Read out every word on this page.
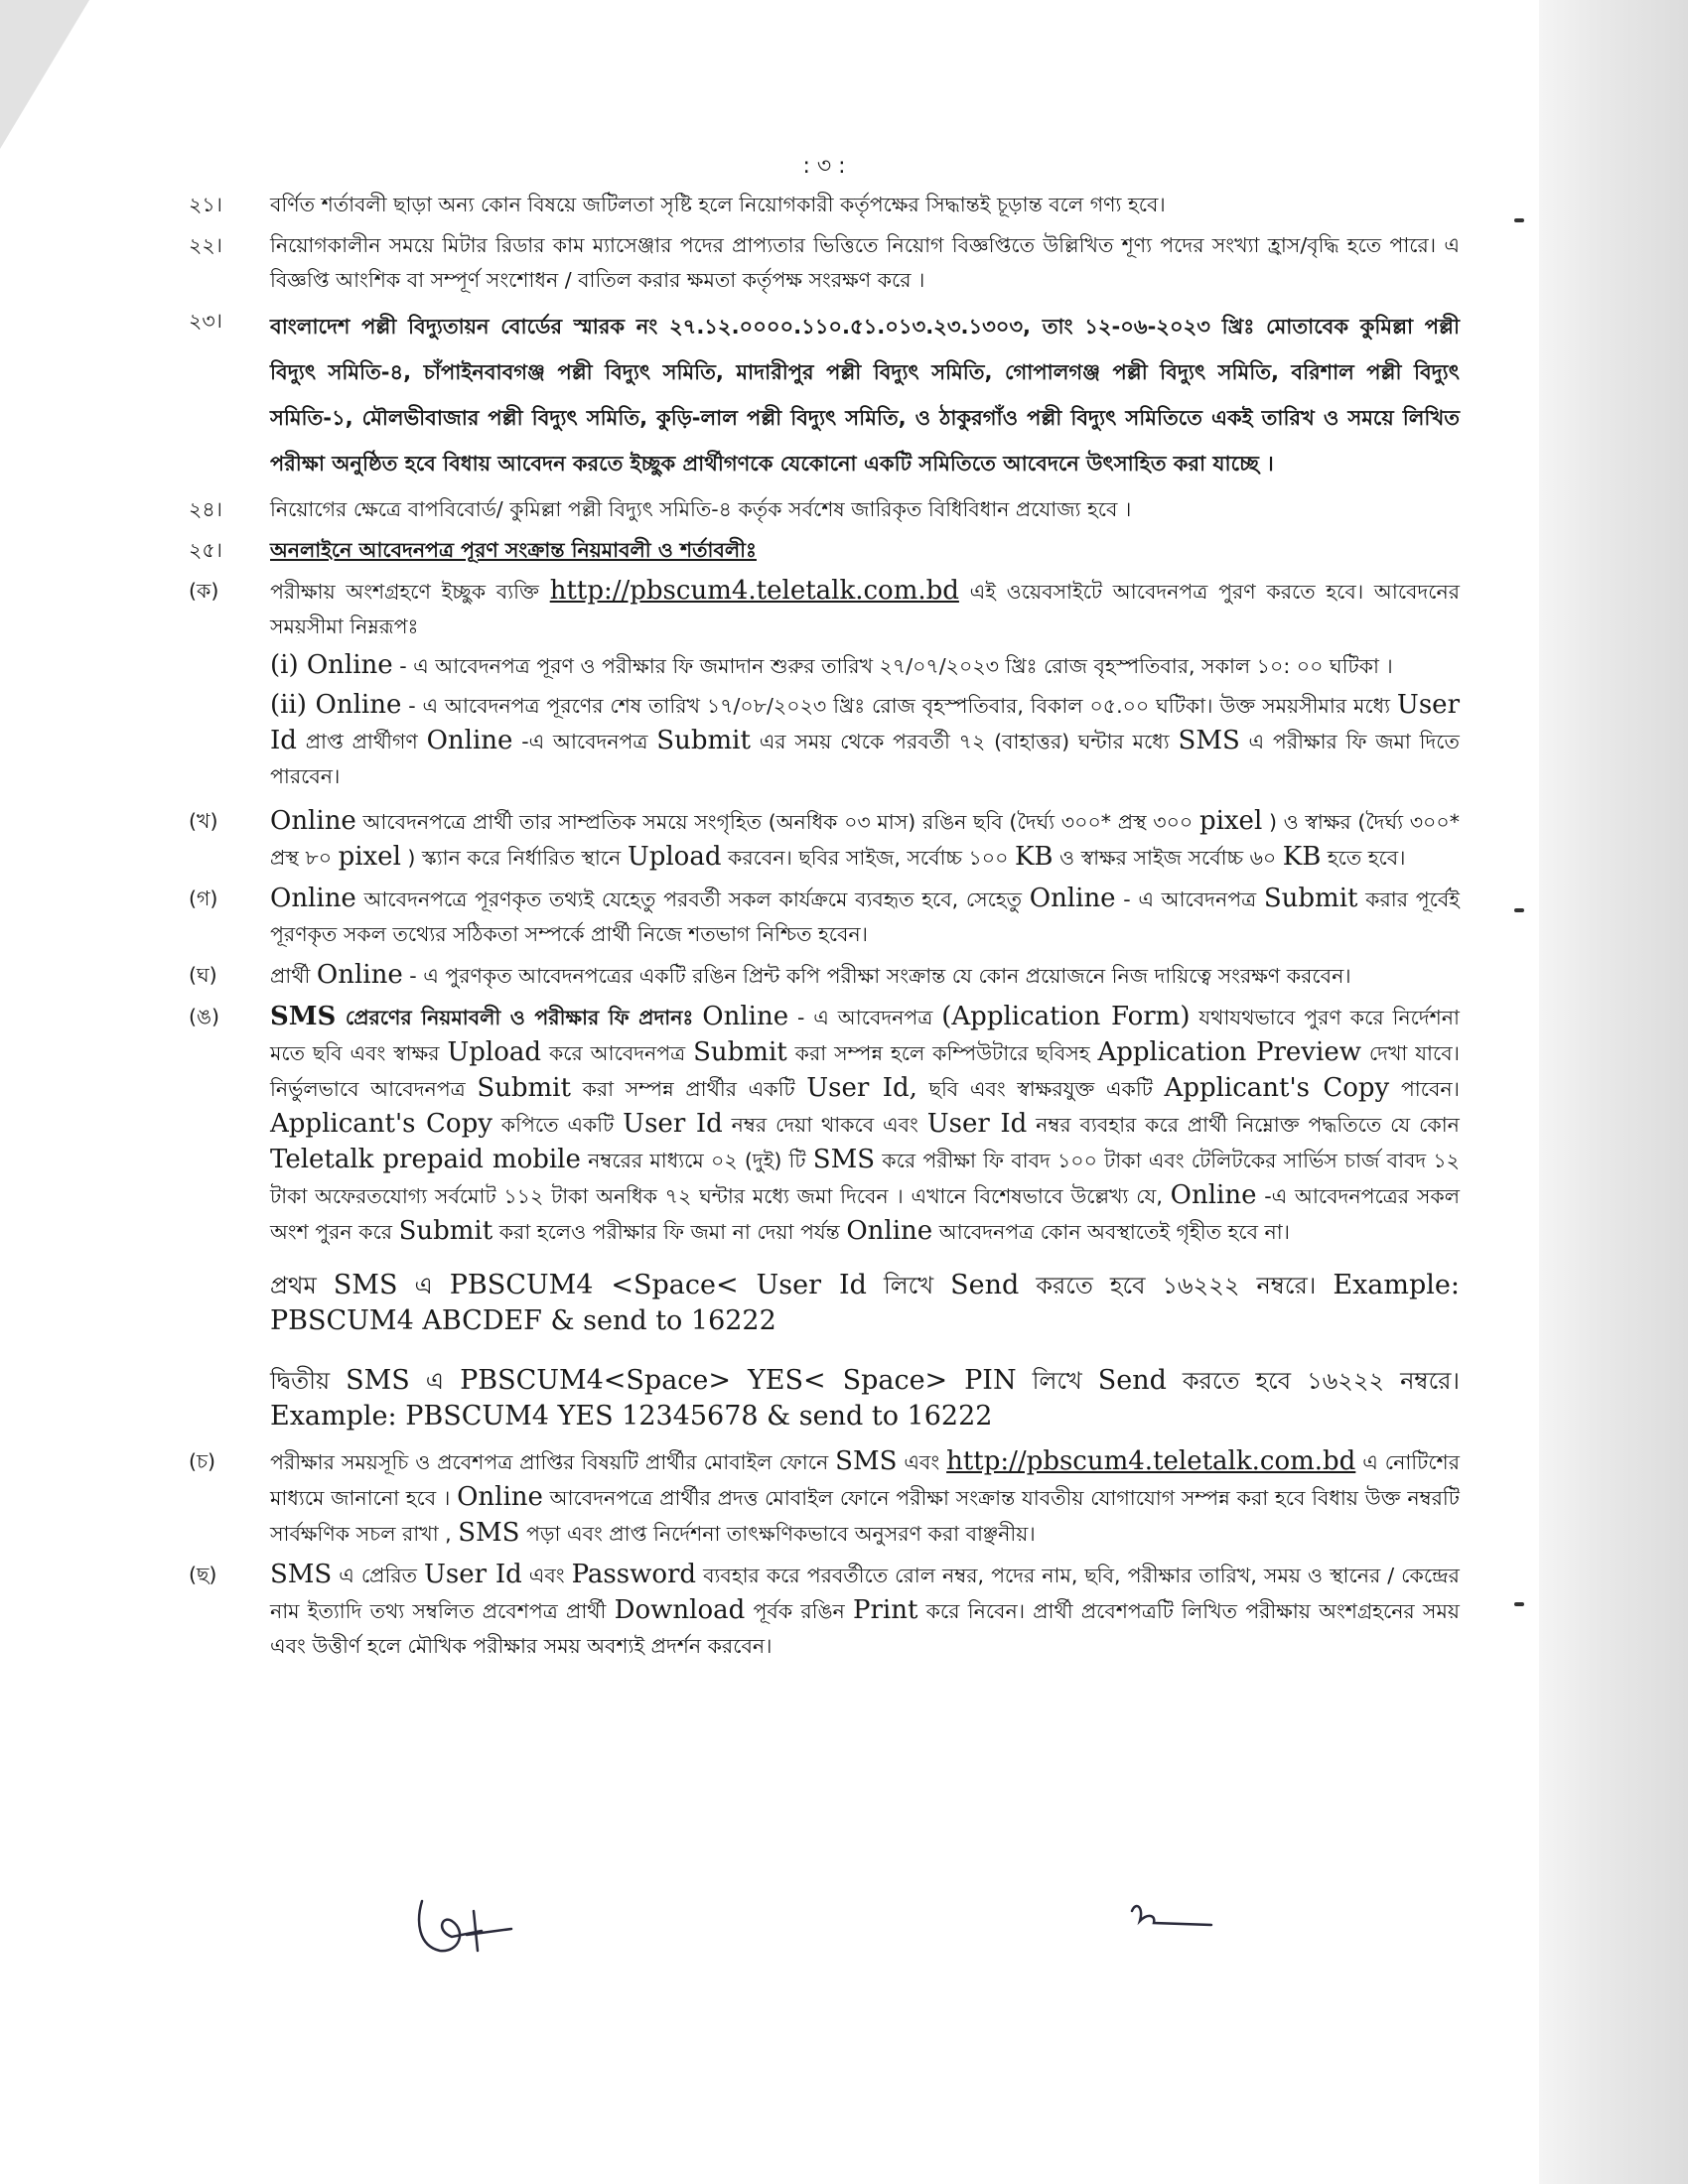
: ৩ :
২১।	বর্ণিত শর্তাবলী ছাড়া অন্য কোন বিষয়ে জটিলতা সৃষ্টি হলে নিয়োগকারী কর্তৃপক্ষের সিদ্ধান্তই চূড়ান্ত বলে গণ্য হবে।
২২।	নিয়োগকালীন সময়ে মিটার রিডার কাম ম্যাসেঞ্জার পদের প্রাপ্যতার ভিত্তিতে নিয়োগ বিজ্ঞপ্তিতে উল্লিখিত শূণ্য পদের সংখ্যা হ্রাস/বৃদ্ধি হতে পারে। এ বিজ্ঞপ্তি আংশিক বা সম্পূর্ণ সংশোধন / বাতিল করার ক্ষমতা কর্তৃপক্ষ সংরক্ষণ করে ।
২৩।	বাংলাদেশ পল্লী বিদ্যুতায়ন বোর্ডের স্মারক নং ২৭.১২.০০০০.১১০.৫১.০১৩.২৩.১৩০৩, তাং ১২-০৬-২০২৩ খ্রিঃ মোতাবেক কুমিল্লা পল্লী বিদ্যুৎ সমিতি-৪, চাঁপাইনবাবগঞ্জ পল্লী বিদ্যুৎ সমিতি, মাদারীপুর পল্লী বিদ্যুৎ সমিতি, গোপালগঞ্জ পল্লী বিদ্যুৎ সমিতি, বরিশাল পল্লী বিদ্যুৎ সমিতি-১, মৌলভীবাজার পল্লী বিদ্যুৎ সমিতি, কুড়ি-লাল পল্লী বিদ্যুৎ সমিতি, ও ঠাকুরগাঁও পল্লী বিদ্যুৎ সমিতিতে একই তারিখ ও সময়ে লিখিত পরীক্ষা অনুষ্ঠিত হবে বিধায় আবেদন করতে ইচ্ছুক প্রার্থীগণকে যেকোনো একটি সমিতিতে আবেদনে উৎসাহিত করা যাচ্ছে ।
২৪।	নিয়োগের ক্ষেত্রে বাপবিবোর্ড/ কুমিল্লা পল্লী বিদ্যুৎ সমিতি-৪ কর্তৃক সর্বশেষ জারিকৃত বিধিবিধান প্রযোজ্য হবে ।
২৫।	অনলাইনে আবেদনপত্র পূরণ সংক্রান্ত নিয়মাবলী ও শর্তাবলীঃ
(ক)	পরীক্ষায় অংশগ্রহণে ইচ্ছুক ব্যক্তি http://pbscum4.teletalk.com.bd এই ওয়েবসাইটে আবেদনপত্র পুরণ করতে হবে। আবেদনের সময়সীমা নিম্নরূপঃ
(i) Online - এ আবেদনপত্র পূরণ ও পরীক্ষার ফি জমাদান শুরুর তারিখ ২৭/০৭/২০২৩ খ্রিঃ রোজ বৃহস্পতিবার, সকাল ১০: ০০ ঘটিকা ।
(ii) Online - এ আবেদনপত্র পূরণের শেষ তারিখ ১৭/০৮/২০২৩ খ্রিঃ রোজ বৃহস্পতিবার, বিকাল ০৫.০০ ঘটিকা। উক্ত সময়সীমার মধ্যে User Id প্রাপ্ত প্রার্থীগণ Online -এ আবেদনপত্র Submit এর সময় থেকে পরবর্তী ৭২ (বাহাত্তর) ঘন্টার মধ্যে SMS এ পরীক্ষার ফি জমা দিতে পারবেন।
(খ)	Online আবেদনপত্রে প্রার্থী তার সাম্প্রতিক সময়ে সংগৃহিত (অনধিক ০৩ মাস) রঙিন ছবি (দৈর্ঘ্য ৩০০* প্রস্থ ৩০০ pixel ) ও স্বাক্ষর (দৈর্ঘ্য ৩০০* প্রস্থ ৮০ pixel ) স্ক্যান করে নির্ধারিত স্থানে Upload করবেন। ছবির সাইজ, সর্বোচ্চ ১০০ KB ও স্বাক্ষর সাইজ সর্বোচ্চ ৬০ KB হতে হবে।
(গ)	Online আবেদনপত্রে পূরণকৃত তথ্যই যেহেতু পরবর্তী সকল কার্যক্রমে ব্যবহৃত হবে, সেহেতু Online - এ আবেদনপত্র Submit করার পূর্বেই পূরণকৃত সকল তথ্যের সঠিকতা সম্পর্কে প্রার্থী নিজে শতভাগ নিশ্চিত হবেন।
(ঘ)	প্রার্থী Online - এ পুরণকৃত আবেদনপত্রের একটি রঙিন প্রিন্ট কপি পরীক্ষা সংক্রান্ত যে কোন প্রয়োজনে নিজ দায়িত্বে সংরক্ষণ করবেন।
(ঙ)	SMS প্রেরণের নিয়মাবলী ও পরীক্ষার ফি প্রদানঃ Online - এ আবেদনপত্র (Application Form) যথাযথভাবে পুরণ করে নির্দেশনা মতে ছবি এবং স্বাক্ষর Upload করে আবেদনপত্র Submit করা সম্পন্ন হলে কম্পিউটারে ছবিসহ Application Preview দেখা যাবে। নির্ভুলভাবে আবেদনপত্র Submit করা সম্পন্ন প্রার্থীর একটি User Id, ছবি এবং স্বাক্ষরযুক্ত একটি Applicant's Copy পাবেন। Applicant's Copy কপিতে একটি User Id নম্বর দেয়া থাকবে এবং User Id নম্বর ব্যবহার করে প্রার্থী নিম্নোক্ত পদ্ধতিতে যে কোন Teletalk prepaid mobile নম্বরের মাধ্যমে ০২ (দুই) টি SMS করে পরীক্ষা ফি বাবদ ১০০ টাকা এবং টেলিটকের সার্ভিস চার্জ বাবদ ১২ টাকা অফেরতযোগ্য সর্বমোট ১১২ টাকা অনধিক ৭২ ঘন্টার মধ্যে জমা দিবেন । এখানে বিশেষভাবে উল্লেখ্য যে, Online -এ আবেদনপত্রের সকল অংশ পুরন করে Submit করা হলেও পরীক্ষার ফি জমা না দেয়া পর্যন্ত Online আবেদনপত্র কোন অবস্থাতেই গৃহীত হবে না।
প্রথম SMS এ PBSCUM4 <Space< User Id লিখে Send করতে হবে ১৬২২২ নম্বরে। Example: PBSCUM4 ABCDEF & send to 16222
দ্বিতীয় SMS এ PBSCUM4<Space> YES< Space> PIN লিখে Send করতে হবে ১৬২২২ নম্বরে। Example: PBSCUM4 YES 12345678 & send to 16222
(চ)	পরীক্ষার সময়সূচি ও প্রবেশপত্র প্রাপ্তির বিষয়টি প্রার্থীর মোবাইল ফোনে SMS এবং http://pbscum4.teletalk.com.bd এ নোটিশের মাধ্যমে জানানো হবে । Online আবেদনপত্রে প্রার্থীর প্রদত্ত মোবাইল ফোনে পরীক্ষা সংক্রান্ত যাবতীয় যোগাযোগ সম্পন্ন করা হবে বিধায় উক্ত নম্বরটি সার্বক্ষণিক সচল রাখা , SMS পড়া এবং প্রাপ্ত নির্দেশনা তাৎক্ষণিকভাবে অনুসরণ করা বাঞ্ছনীয়।
(ছ)	SMS এ প্রেরিত User Id এবং Password ব্যবহার করে পরবর্তীতে রোল নম্বর, পদের নাম, ছবি, পরীক্ষার তারিখ, সময় ও স্থানের / কেন্দ্রের নাম ইত্যাদি তথ্য সম্বলিত প্রবেশপত্র প্রার্থী Download পূর্বক রঙিন Print করে নিবেন। প্রার্থী প্রবেশপত্রটি লিখিত পরীক্ষায় অংশগ্রহনের সময় এবং উত্তীর্ণ হলে মৌখিক পরীক্ষার সময় অবশ্যই প্রদর্শন করবেন।
